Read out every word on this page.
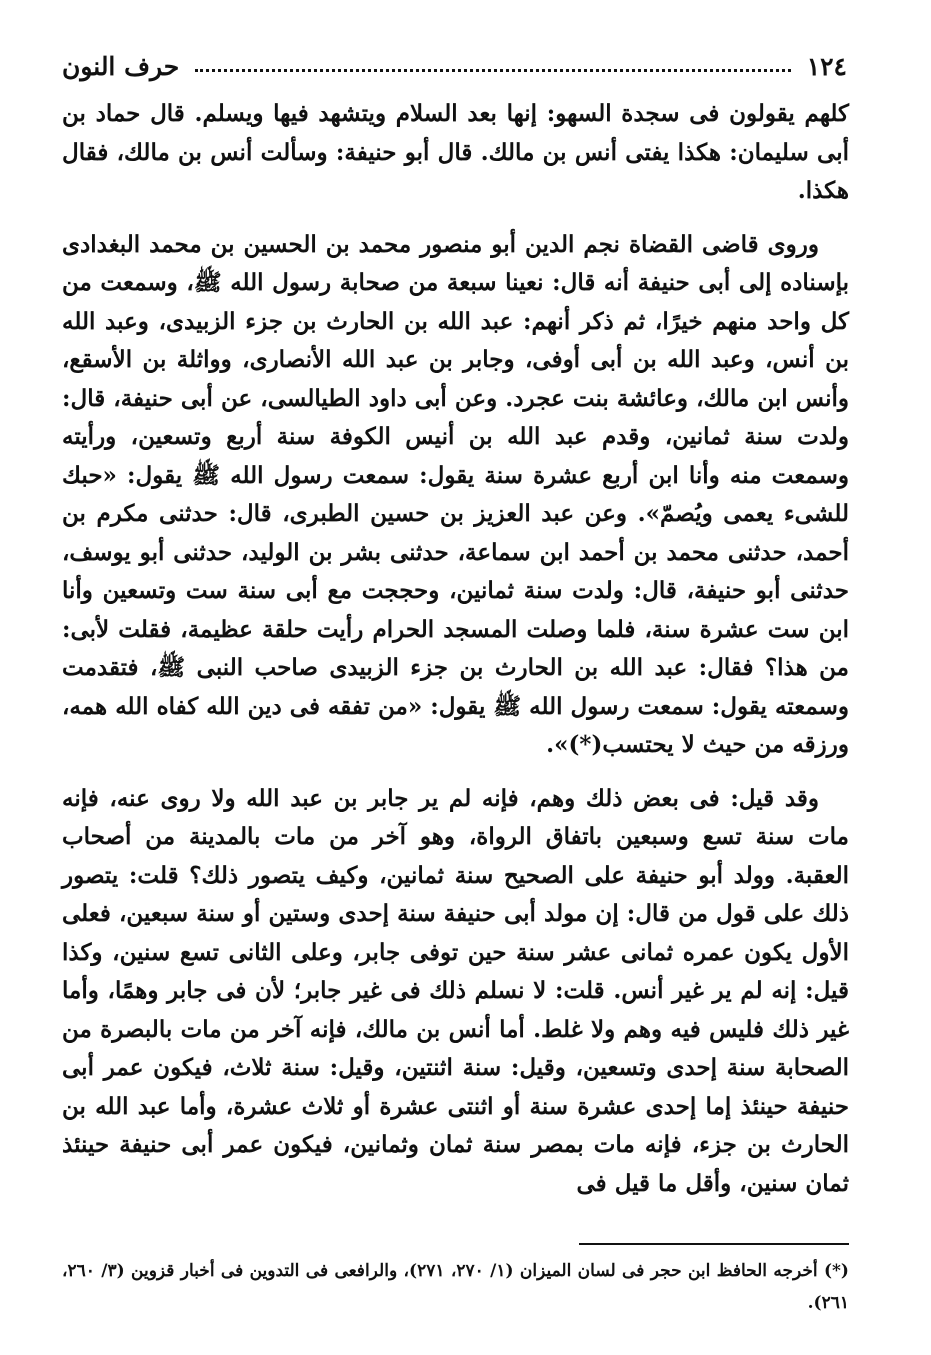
١٢٤
حرف النون

كلهم يقولون فى سجدة السهو: إنها بعد السلام ويتشهد فيها ويسلم. قال حماد بن أبى سليمان: هكذا يفتى أنس بن مالك. قال أبو حنيفة: وسألت أنس بن مالك، فقال هكذا.

وروى قاضى القضاة نجم الدين أبو منصور محمد بن الحسين بن محمد البغدادى بإسناده إلى أبى حنيفة أنه قال: نعينا سبعة من صحابة رسول الله ﷺ، وسمعت من كل واحد منهم خيرًا، ثم ذكر أنهم: عبد الله بن الحارث بن جزء الزبيدى، وعبد الله بن أنس، وعبد الله بن أبى أوفى، وجابر بن عبد الله الأنصارى، وواثلة بن الأسقع، وأنس ابن مالك، وعائشة بنت عجرد. وعن أبى داود الطيالسى، عن أبى حنيفة، قال: ولدت سنة ثمانين، وقدم عبد الله بن أنيس الكوفة سنة أربع وتسعين، ورأيته وسمعت منه وأنا ابن أربع عشرة سنة يقول: سمعت رسول الله ﷺ يقول: «حبك للشىء يعمى ويُصمّ». وعن عبد العزيز بن حسين الطبرى، قال: حدثنى مكرم بن أحمد، حدثنى محمد بن أحمد ابن سماعة، حدثنى بشر بن الوليد، حدثنى أبو يوسف، حدثنى أبو حنيفة، قال: ولدت سنة ثمانين، وحججت مع أبى سنة ست وتسعين وأنا ابن ست عشرة سنة، فلما وصلت المسجد الحرام رأيت حلقة عظيمة، فقلت لأبى: من هذا؟ فقال: عبد الله بن الحارث بن جزء الزبيدى صاحب النبى ﷺ، فتقدمت وسمعته يقول: سمعت رسول الله ﷺ يقول: «من تفقه فى دين الله كفاه الله همه، ورزقه من حيث لا يحتسب(*)».

وقد قيل: فى بعض ذلك وهم، فإنه لم ير جابر بن عبد الله ولا روى عنه، فإنه مات سنة تسع وسبعين باتفاق الرواة، وهو آخر من مات بالمدينة من أصحاب العقبة. وولد أبو حنيفة على الصحيح سنة ثمانين، وكيف يتصور ذلك؟ قلت: يتصور ذلك على قول من قال: إن مولد أبى حنيفة سنة إحدى وستين أو سنة سبعين، فعلى الأول يكون عمره ثمانى عشر سنة حين توفى جابر، وعلى الثانى تسع سنين، وكذا قيل: إنه لم ير غير أنس. قلت: لا نسلم ذلك فى غير جابر؛ لأن فى جابر وهمًا، وأما غير ذلك فليس فيه وهم ولا غلط. أما أنس بن مالك، فإنه آخر من مات بالبصرة من الصحابة سنة إحدى وتسعين، وقيل: سنة اثنتين، وقيل: سنة ثلاث، فيكون عمر أبى حنيفة حينئذ إما إحدى عشرة سنة أو اثنتى عشرة أو ثلاث عشرة، وأما عبد الله بن الحارث بن جزء، فإنه مات بمصر سنة ثمان وثمانين، فيكون عمر أبى حنيفة حينئذ ثمان سنين، وأقل ما قيل فى

(*) أخرجه الحافظ ابن حجر فى لسان الميزان (١/ ٢٧٠، ٢٧١)، والرافعى فى التدوين فى أخبار قزوين (٣/ ٢٦٠، ٢٦١).
